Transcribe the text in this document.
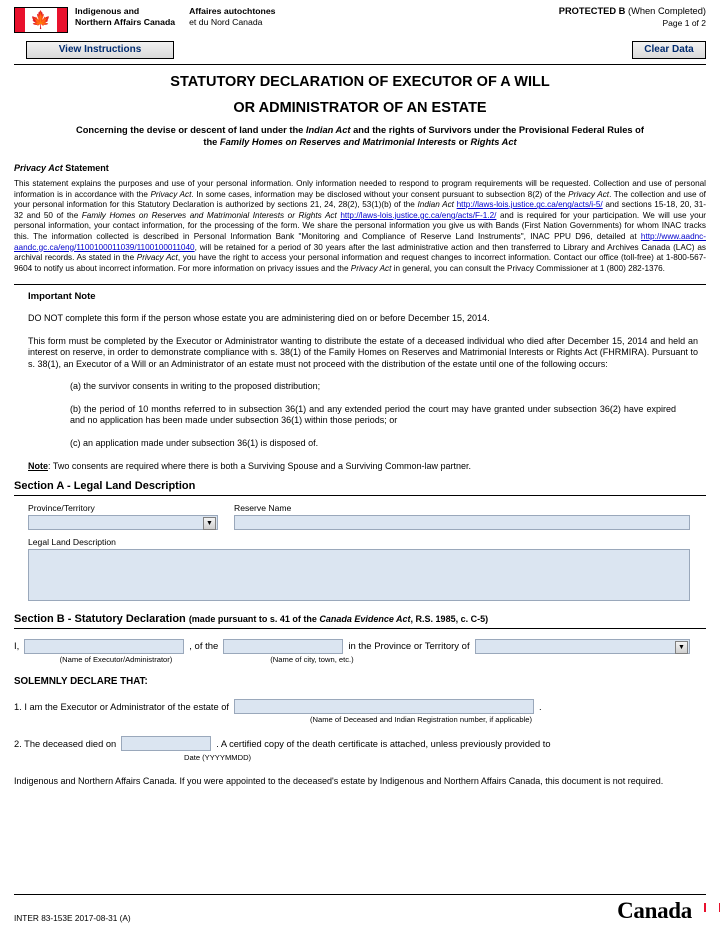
🍁	Indigenous and
Northern Affairs Canada
Affaires autochtones
et du Nord Canada
PROTECTED B (When Completed)
Page 1 of 2
View Instructions	Clear Data
STATUTORY DECLARATION OF EXECUTOR OF A WILL
OR ADMINISTRATOR OF AN ESTATE
Concerning the devise or descent of land under the Indian Act and the rights of Survivors under the Provisional Federal Rules of
the Family Homes on Reserves and Matrimonial Interests or Rights Act
Privacy Act Statement
This statement explains the purposes and use of your personal information. Only information needed to respond to program requirements will be requested. Collection and use of personal information is in accordance with the Privacy Act. In some cases, information may be disclosed without your consent pursuant to subsection 8(2) of the Privacy Act. The collection and use of your personal information for this Statutory Declaration is authorized by sections 21, 24, 28(2), 53(1)(b) of the Indian Act http://laws-lois.justice.gc.ca/eng/acts/i-5/ and sections 15-18, 20, 31-32 and 50 of the Family Homes on Reserves and Matrimonial Interests or Rights Act http://laws-lois.justice.gc.ca/eng/acts/F-1.2/ and is required for your participation. We will use your personal information, your contact information, for the processing of the form. We share the personal information you give us with Bands (First Nation Governments) for whom INAC tracks this. The information collected is described in Personal Information Bank "Monitoring and Compliance of Reserve Land Instruments", INAC PPU D96, detailed at http://www.aadnc-aandc.gc.ca/eng/1100100011039/1100100011040, will be retained for a period of 30 years after the last administrative action and then transferred to Library and Archives Canada (LAC) as archival records. As stated in the Privacy Act, you have the right to access your personal information and request changes to incorrect information. Contact our office (toll-free) at 1-800-567-9604 to notify us about incorrect information. For more information on privacy issues and the Privacy Act in general, you can consult the Privacy Commissioner at 1 (800) 282-1376.
Important Note
DO NOT complete this form if the person whose estate you are administering died on or before December 15, 2014.
This form must be completed by the Executor or Administrator wanting to distribute the estate of a deceased individual who died after December 15, 2014 and held an interest on reserve, in order to demonstrate compliance with s. 38(1) of the Family Homes on Reserves and Matrimonial Interests or Rights Act (FHRMIRA). Pursuant to s. 38(1), an Executor of a Will or an Administrator of an estate must not proceed with the distribution of the estate until one of the following occurs:
(a) the survivor consents in writing to the proposed distribution;
(b) the period of 10 months referred to in subsection 36(1) and any extended period the court may have granted under subsection 36(2) have expired and no application has been made under subsection 36(1) within those periods; or
(c) an application made under subsection 36(1) is disposed of.
Note: Two consents are required where there is both a Surviving Spouse and a Surviving Common-law partner.
Section A - Legal Land Description
Province/Territory
▼
Reserve Name
Legal Land Description
Section B - Statutory Declaration (made pursuant to s. 41 of the Canada Evidence Act, R.S. 1985, c. C-5)
I,	, of the	in the Province or Territory of	▼
(Name of Executor/Administrator)	(Name of city, town, etc.)
SOLEMNLY DECLARE THAT:
1. I am the Executor or Administrator of the estate of	.
(Name of Deceased and Indian Registration number, if applicable)
2. The deceased died on	. A certified copy of the death certificate is attached, unless previously provided to
Date (YYYYMMDD)
Indigenous and Northern Affairs Canada. If you were appointed to the deceased's estate by Indigenous and Northern Affairs Canada, this document is not required.
INTER 83-153E 2017-08-31 (A)	Canada
